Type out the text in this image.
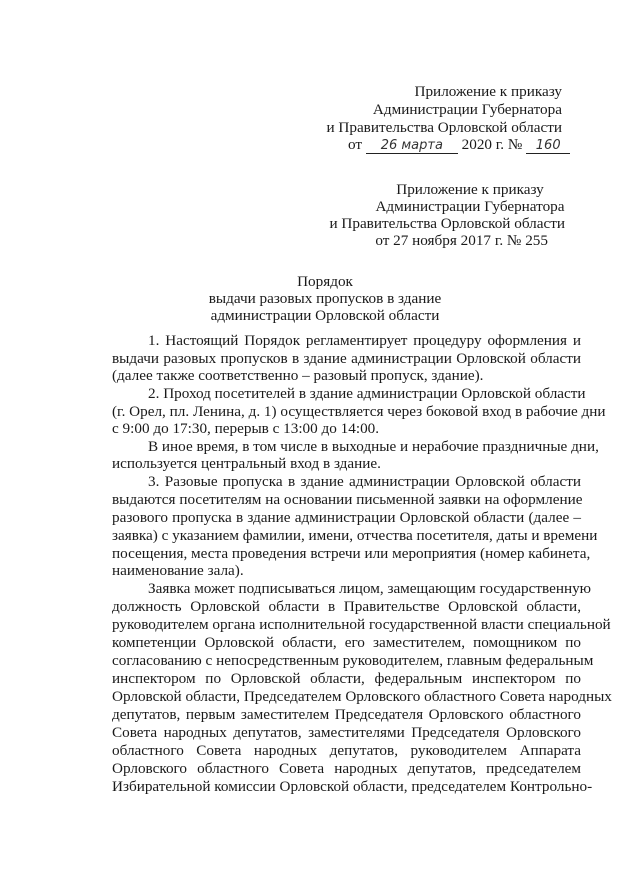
Приложение к приказу
Администрации Губернатора
и Правительства Орловской области
от 26 марта 2020 г. № 160
Приложение к приказу
Администрации Губернатора
и Правительства Орловской области
от 27 ноября 2017 г. № 255
Порядок
выдачи разовых пропусков в здание
администрации Орловской области
1. Настоящий Порядок регламентирует процедуру оформления и
выдачи разовых пропусков в здание администрации Орловской области
(далее также соответственно – разовый пропуск, здание).
2. Проход посетителей в здание администрации Орловской области
(г. Орел, пл. Ленина, д. 1) осуществляется через боковой вход в рабочие дни
с 9:00 до 17:30, перерыв с 13:00 до 14:00.
В иное время, в том числе в выходные и нерабочие праздничные дни,
используется центральный вход в здание.
3. Разовые пропуска в здание администрации Орловской области
выдаются посетителям на основании письменной заявки на оформление
разового пропуска в здание администрации Орловской области (далее –
заявка) с указанием фамилии, имени, отчества посетителя, даты и времени
посещения, места проведения встречи или мероприятия (номер кабинета,
наименование зала).
Заявка может подписываться лицом, замещающим государственную
должность Орловской области в Правительстве Орловской области,
руководителем органа исполнительной государственной власти специальной
компетенции Орловской области, его заместителем, помощником по
согласованию с непосредственным руководителем, главным федеральным
инспектором по Орловской области, федеральным инспектором по
Орловской области, Председателем Орловского областного Совета народных
депутатов, первым заместителем Председателя Орловского областного
Совета народных депутатов, заместителями Председателя Орловского
областного Совета народных депутатов, руководителем Аппарата
Орловского областного Совета народных депутатов, председателем
Избирательной комиссии Орловской области, председателем Контрольно-
